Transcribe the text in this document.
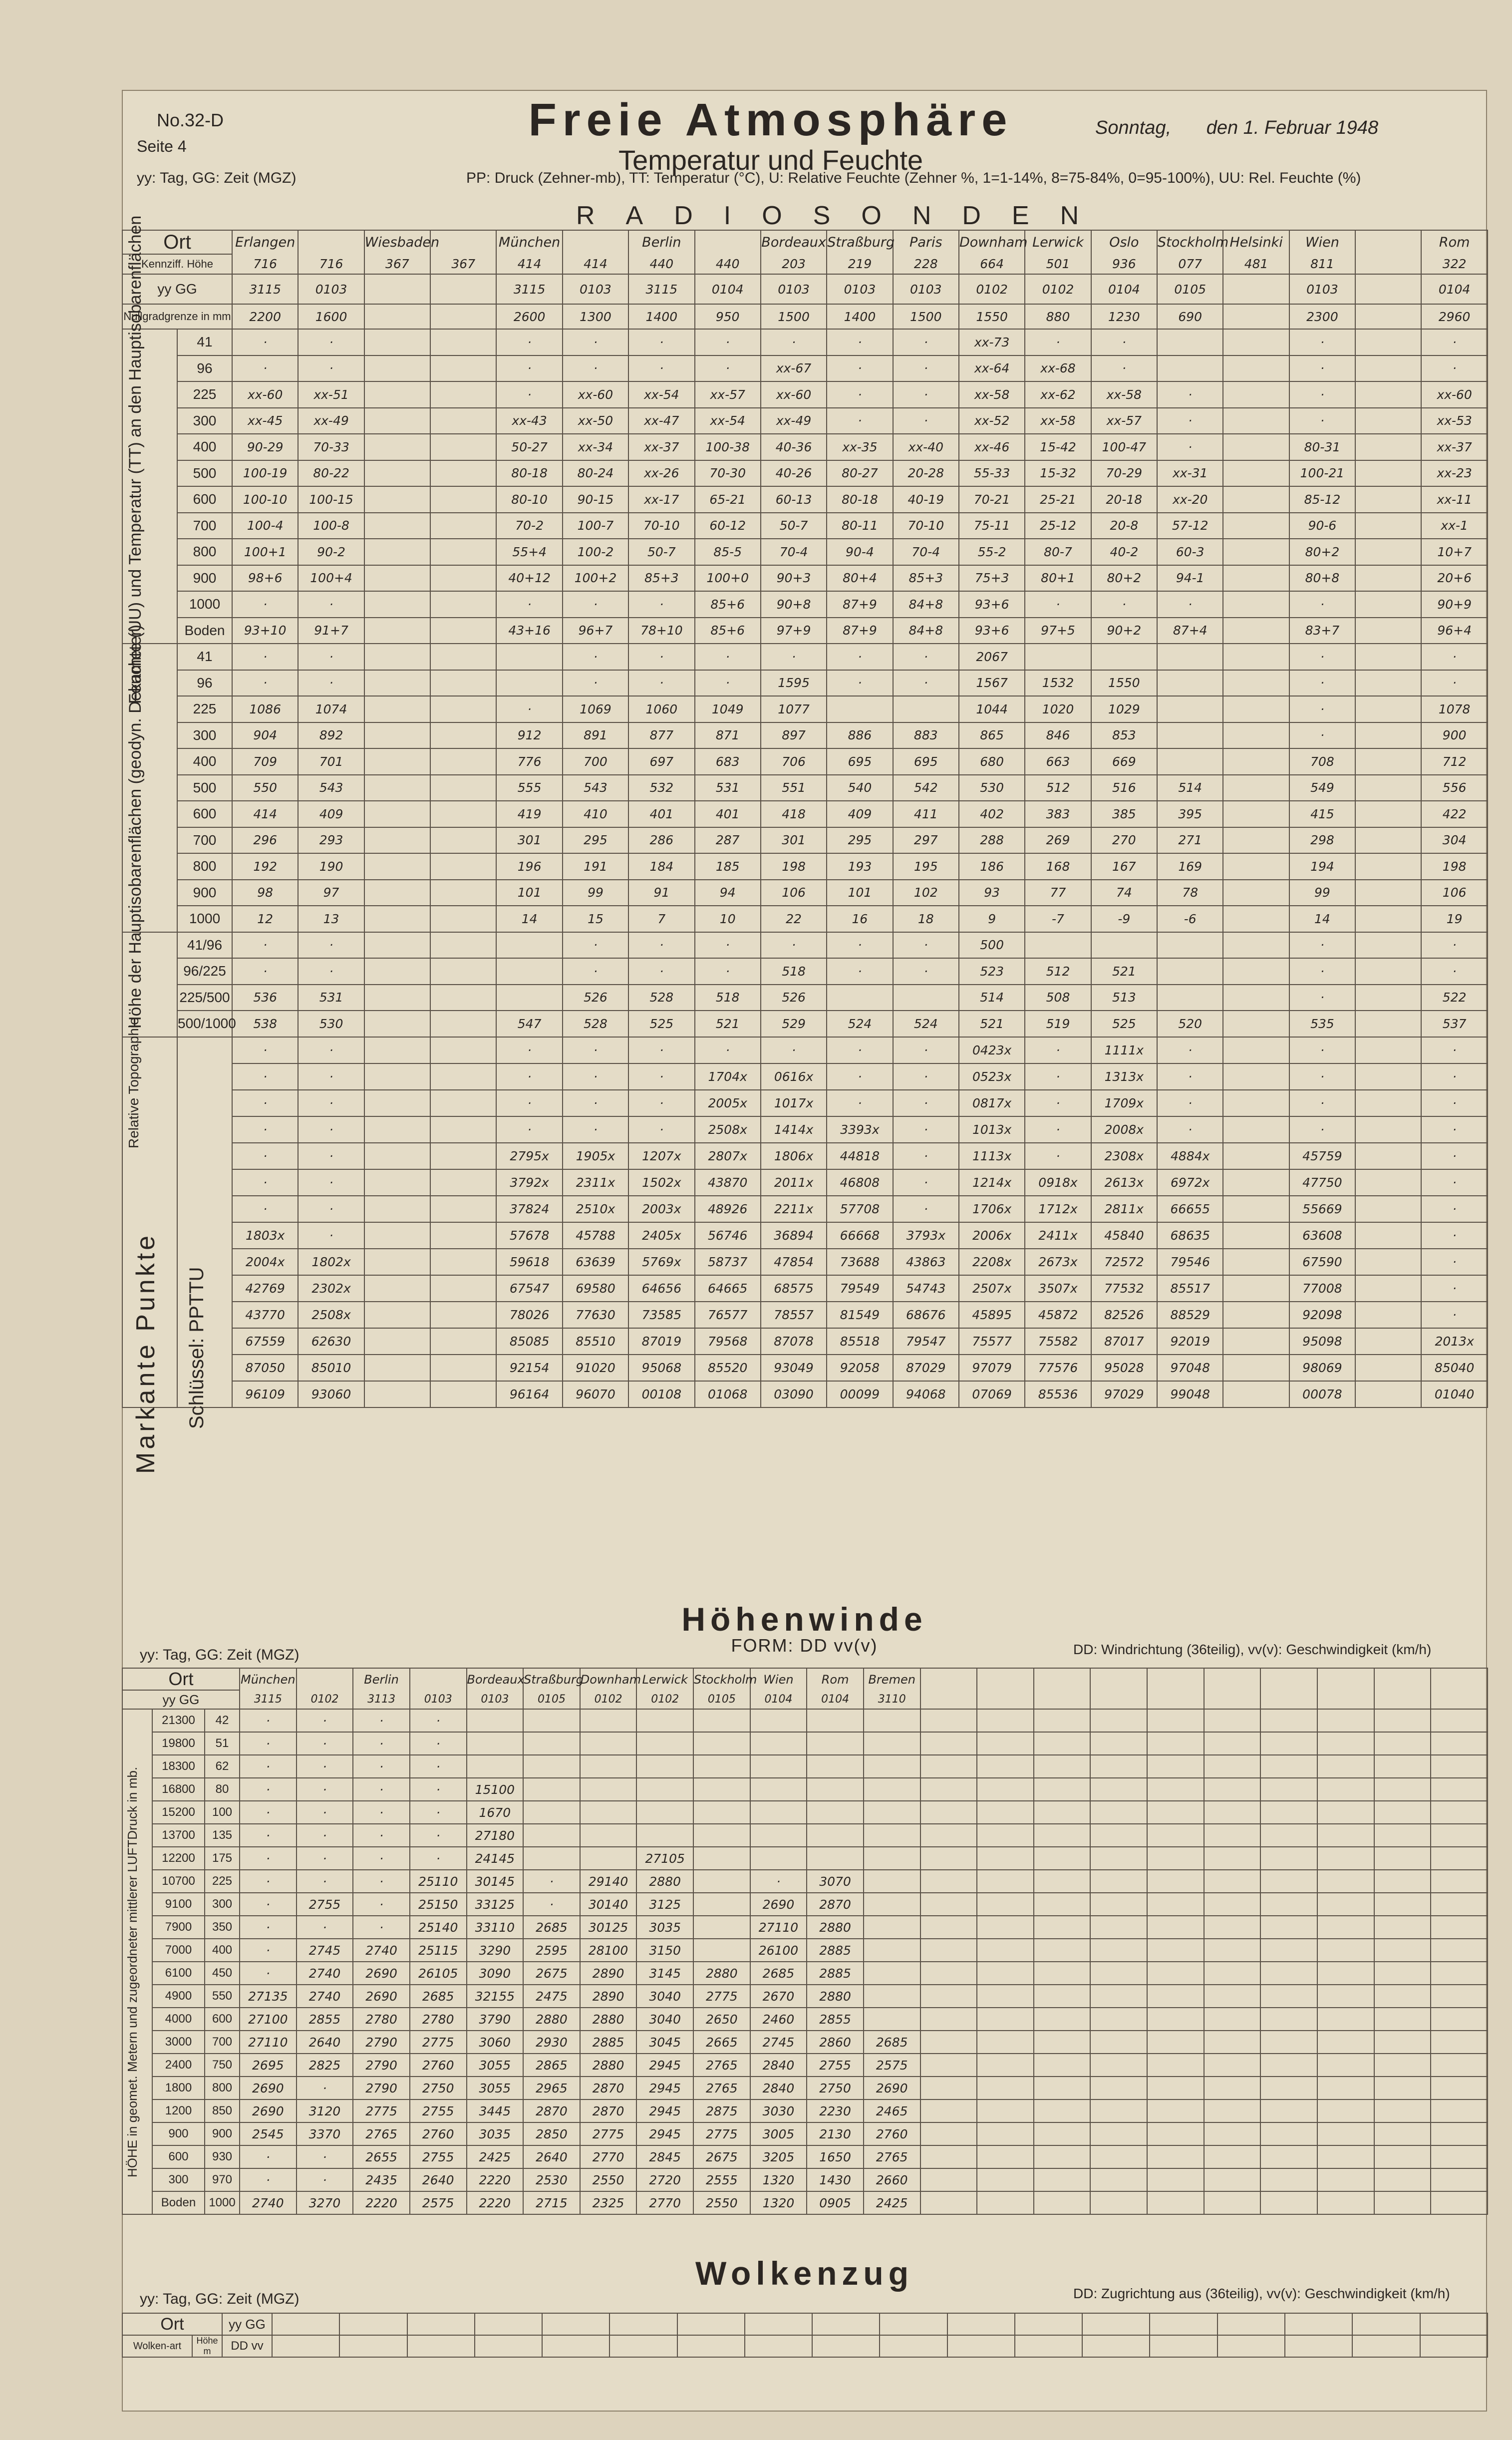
No.32-D
Seite 4
yy: Tag, GG: Zeit (MGZ)
Freie Atmosphäre
Temperatur und Feuchte
PP: Druck (Zehner-mb), TT: Temperatur (°C), U: Relative Feuchte (Zehner %, 1=1-14%, 8=75-84%, 0=95-100%), UU: Rel. Feuchte (%)
Sonntag, den 1. Februar 1948
RADIOSONDEN
Ort		Erlangen		Wiesbaden		München		Berlin		Bordeaux	Straßburg	Paris	Downham	Lerwick	Oslo	Stockholm	Helsinki	Wien		Rom
Kennziff. Höhe		716	716	367	367	414	414	440	440	203	219	228	664	501	936	077	481	811		322
yy GG		3115	0103			3115	0103	3115	0104	0103	0103	0103	0102	0102	0104	0105		0103		0104
Nullgradgrenze in mm		2200	1600			2600	1300	1400	950	1500	1400	1500	1550	880	1230	690		2300		2960
	41	·	·			·	·	·	·	·	·	·	xx-73	·	·			·		·
	96	·	·			·	·	·	·	xx-67	·	·	xx-64	xx-68	·			·		·
	225	xx-60	xx-51			·	xx-60	xx-54	xx-57	xx-60	·	·	xx-58	xx-62	xx-58	·		·		xx-60
	300	xx-45	xx-49			xx-43	xx-50	xx-47	xx-54	xx-49	·	·	xx-52	xx-58	xx-57	·		·		xx-53
	400	90-29	70-33			50-27	xx-34	xx-37	100-38	40-36	xx-35	xx-40	xx-46	15-42	100-47	·		80-31		xx-37
	500	100-19	80-22			80-18	80-24	xx-26	70-30	40-26	80-27	20-28	55-33	15-32	70-29	xx-31		100-21		xx-23
	600	100-10	100-15			80-10	90-15	xx-17	65-21	60-13	80-18	40-19	70-21	25-21	20-18	xx-20		85-12		xx-11
	700	100-4	100-8			70-2	100-7	70-10	60-12	50-7	80-11	70-10	75-11	25-12	20-8	57-12		90-6		xx-1
	800	100+1	90-2			55+4	100-2	50-7	85-5	70-4	90-4	70-4	55-2	80-7	40-2	60-3		80+2		10+7
	900	98+6	100+4			40+12	100+2	85+3	100+0	90+3	80+4	85+3	75+3	80+1	80+2	94-1		80+8		20+6
	1000	·	·			·	·	·	85+6	90+8	87+9	84+8	93+6	·	·	·		·		90+9
	Boden	93+10	91+7			43+16	96+7	78+10	85+6	97+9	87+9	84+8	93+6	97+5	90+2	87+4		83+7		96+4
	41	·	·				·	·	·	·	·	·	2067					·		·
	96	·	·				·	·	·	1595	·	·	1567	1532	1550			·		·
	225	1086	1074			·	1069	1060	1049	1077			1044	1020	1029			·		1078
	300	904	892			912	891	877	871	897	886	883	865	846	853			·		900
	400	709	701			776	700	697	683	706	695	695	680	663	669			708		712
	500	550	543			555	543	532	531	551	540	542	530	512	516	514		549		556
	600	414	409			419	410	401	401	418	409	411	402	383	385	395		415		422
	700	296	293			301	295	286	287	301	295	297	288	269	270	271		298		304
	800	192	190			196	191	184	185	198	193	195	186	168	167	169		194		198
	900	98	97			101	99	91	94	106	101	102	93	77	74	78		99		106
	1000	12	13			14	15	7	10	22	16	18	9	-7	-9	-6		14		19
	41/96	·	·				·	·	·	·	·	·	500					·		·
	96/225	·	·				·	·	·	518	·	·	523	512	521			·		·
	225/500	536	531				526	528	518	526			514	508	513			·		522
	500/1000	538	530			547	528	525	521	529	524	524	521	519	525	520		535		537
		·	·			·	·	·	·	·	·	·	0423x	·	1111x	·		·		·
		·	·			·	·	·	1704x	0616x	·	·	0523x	·	1313x	·		·		·
		·	·			·	·	·	2005x	1017x	·	·	0817x	·	1709x	·		·		·
		·	·			·	·	·	2508x	1414x	3393x	·	1013x	·	2008x	·		·		·
		·	·			2795x	1905x	1207x	2807x	1806x	44818	·	1113x	·	2308x	4884x		45759		·
		·	·			3792x	2311x	1502x	43870	2011x	46808	·	1214x	0918x	2613x	6972x		47750		·
		·	·			37824	2510x	2003x	48926	2211x	57708	·	1706x	1712x	2811x	66655		55669		·
		1803x	·			57678	45788	2405x	56746	36894	66668	3793x	2006x	2411x	45840	68635		63608		·
		2004x	1802x			59618	63639	5769x	58737	47854	73688	43863	2208x	2673x	72572	79546		67590		·
		42769	2302x			67547	69580	64656	64665	68575	79549	54743	2507x	3507x	77532	85517		77008		·
		43770	2508x			78026	77630	73585	76577	78557	81549	68676	45895	45872	82526	88529		92098		·
		67559	62630			85085	85510	87019	79568	87078	85518	79547	75577	75582	87017	92019		95098		2013x
		87050	85010			92154	91020	95068	85520	93049	92058	87029	97079	77576	95028	97048		98069		85040
		96109	93060			96164	96070	00108	01068	03090	00099	94068	07069	85536	97029	99048		00078		01040
Feuchte (UU) und Temperatur (TT) an den Hauptisobarenflächen
Höhe der Hauptisobarenflächen (geodyn. Dekameter)
Relative Topographie
Markante Punkte Schlüssel: PPTTU
Höhenwinde
FORM: DD vv(v)
yy: Tag, GG: Zeit (MGZ)	DD: Windrichtung (36teilig), vv(v): Geschwindigkeit (km/h)
Ort			München		Berlin		Bordeaux	Straßburg	Downham	Lerwick	Stockholm	Wien	Rom	Bremen										
yy GG			3115	0102	3113	0103	0103	0105	0102	0102	0105	0104	0104	3110										
	21300	42	·	·	·	·																		
	19800	51	·	·	·	·																		
	18300	62	·	·	·	·																		
	16800	80	·	·	·	·	15100																	
	15200	100	·	·	·	·	1670																	
	13700	135	·	·	·	·	27180																	
	12200	175	·	·	·	·	24145			27105														
	10700	225	·	·	·	25110	30145	·	29140	2880		·	3070											
	9100	300	·	2755	·	25150	33125	·	30140	3125		2690	2870											
	7900	350	·	·	·	25140	33110	2685	30125	3035		27110	2880											
	7000	400	·	2745	2740	25115	3290	2595	28100	3150		26100	2885											
	6100	450	·	2740	2690	26105	3090	2675	2890	3145	2880	2685	2885											
	4900	550	27135	2740	2690	2685	32155	2475	2890	3040	2775	2670	2880											
	4000	600	27100	2855	2780	2780	3790	2880	2880	3040	2650	2460	2855											
	3000	700	27110	2640	2790	2775	3060	2930	2885	3045	2665	2745	2860	2685										
	2400	750	2695	2825	2790	2760	3055	2865	2880	2945	2765	2840	2755	2575										
	1800	800	2690	·	2790	2750	3055	2965	2870	2945	2765	2840	2750	2690										
	1200	850	2690	3120	2775	2755	3445	2870	2870	2945	2875	3030	2230	2465										
	900	900	2545	3370	2765	2760	3035	2850	2775	2945	2775	3005	2130	2760										
	600	930	·	·	2655	2755	2425	2640	2770	2845	2675	3205	1650	2765										
	300	970	·	·	2435	2640	2220	2530	2550	2720	2555	1320	1430	2660										
	Boden	1000	2740	3270	2220	2575	2220	2715	2325	2770	2550	1320	0905	2425										
HÖHE in geomet. Metern und zugeordneter mittlerer LUFTDruck in mb.
Wolkenzug
yy: Tag, GG: Zeit (MGZ)	DD: Zugrichtung aus (36teilig), vv(v): Geschwindigkeit (km/h)
Ort		yy GG																		
Wolken-art	Höhe m	DD vv																		
